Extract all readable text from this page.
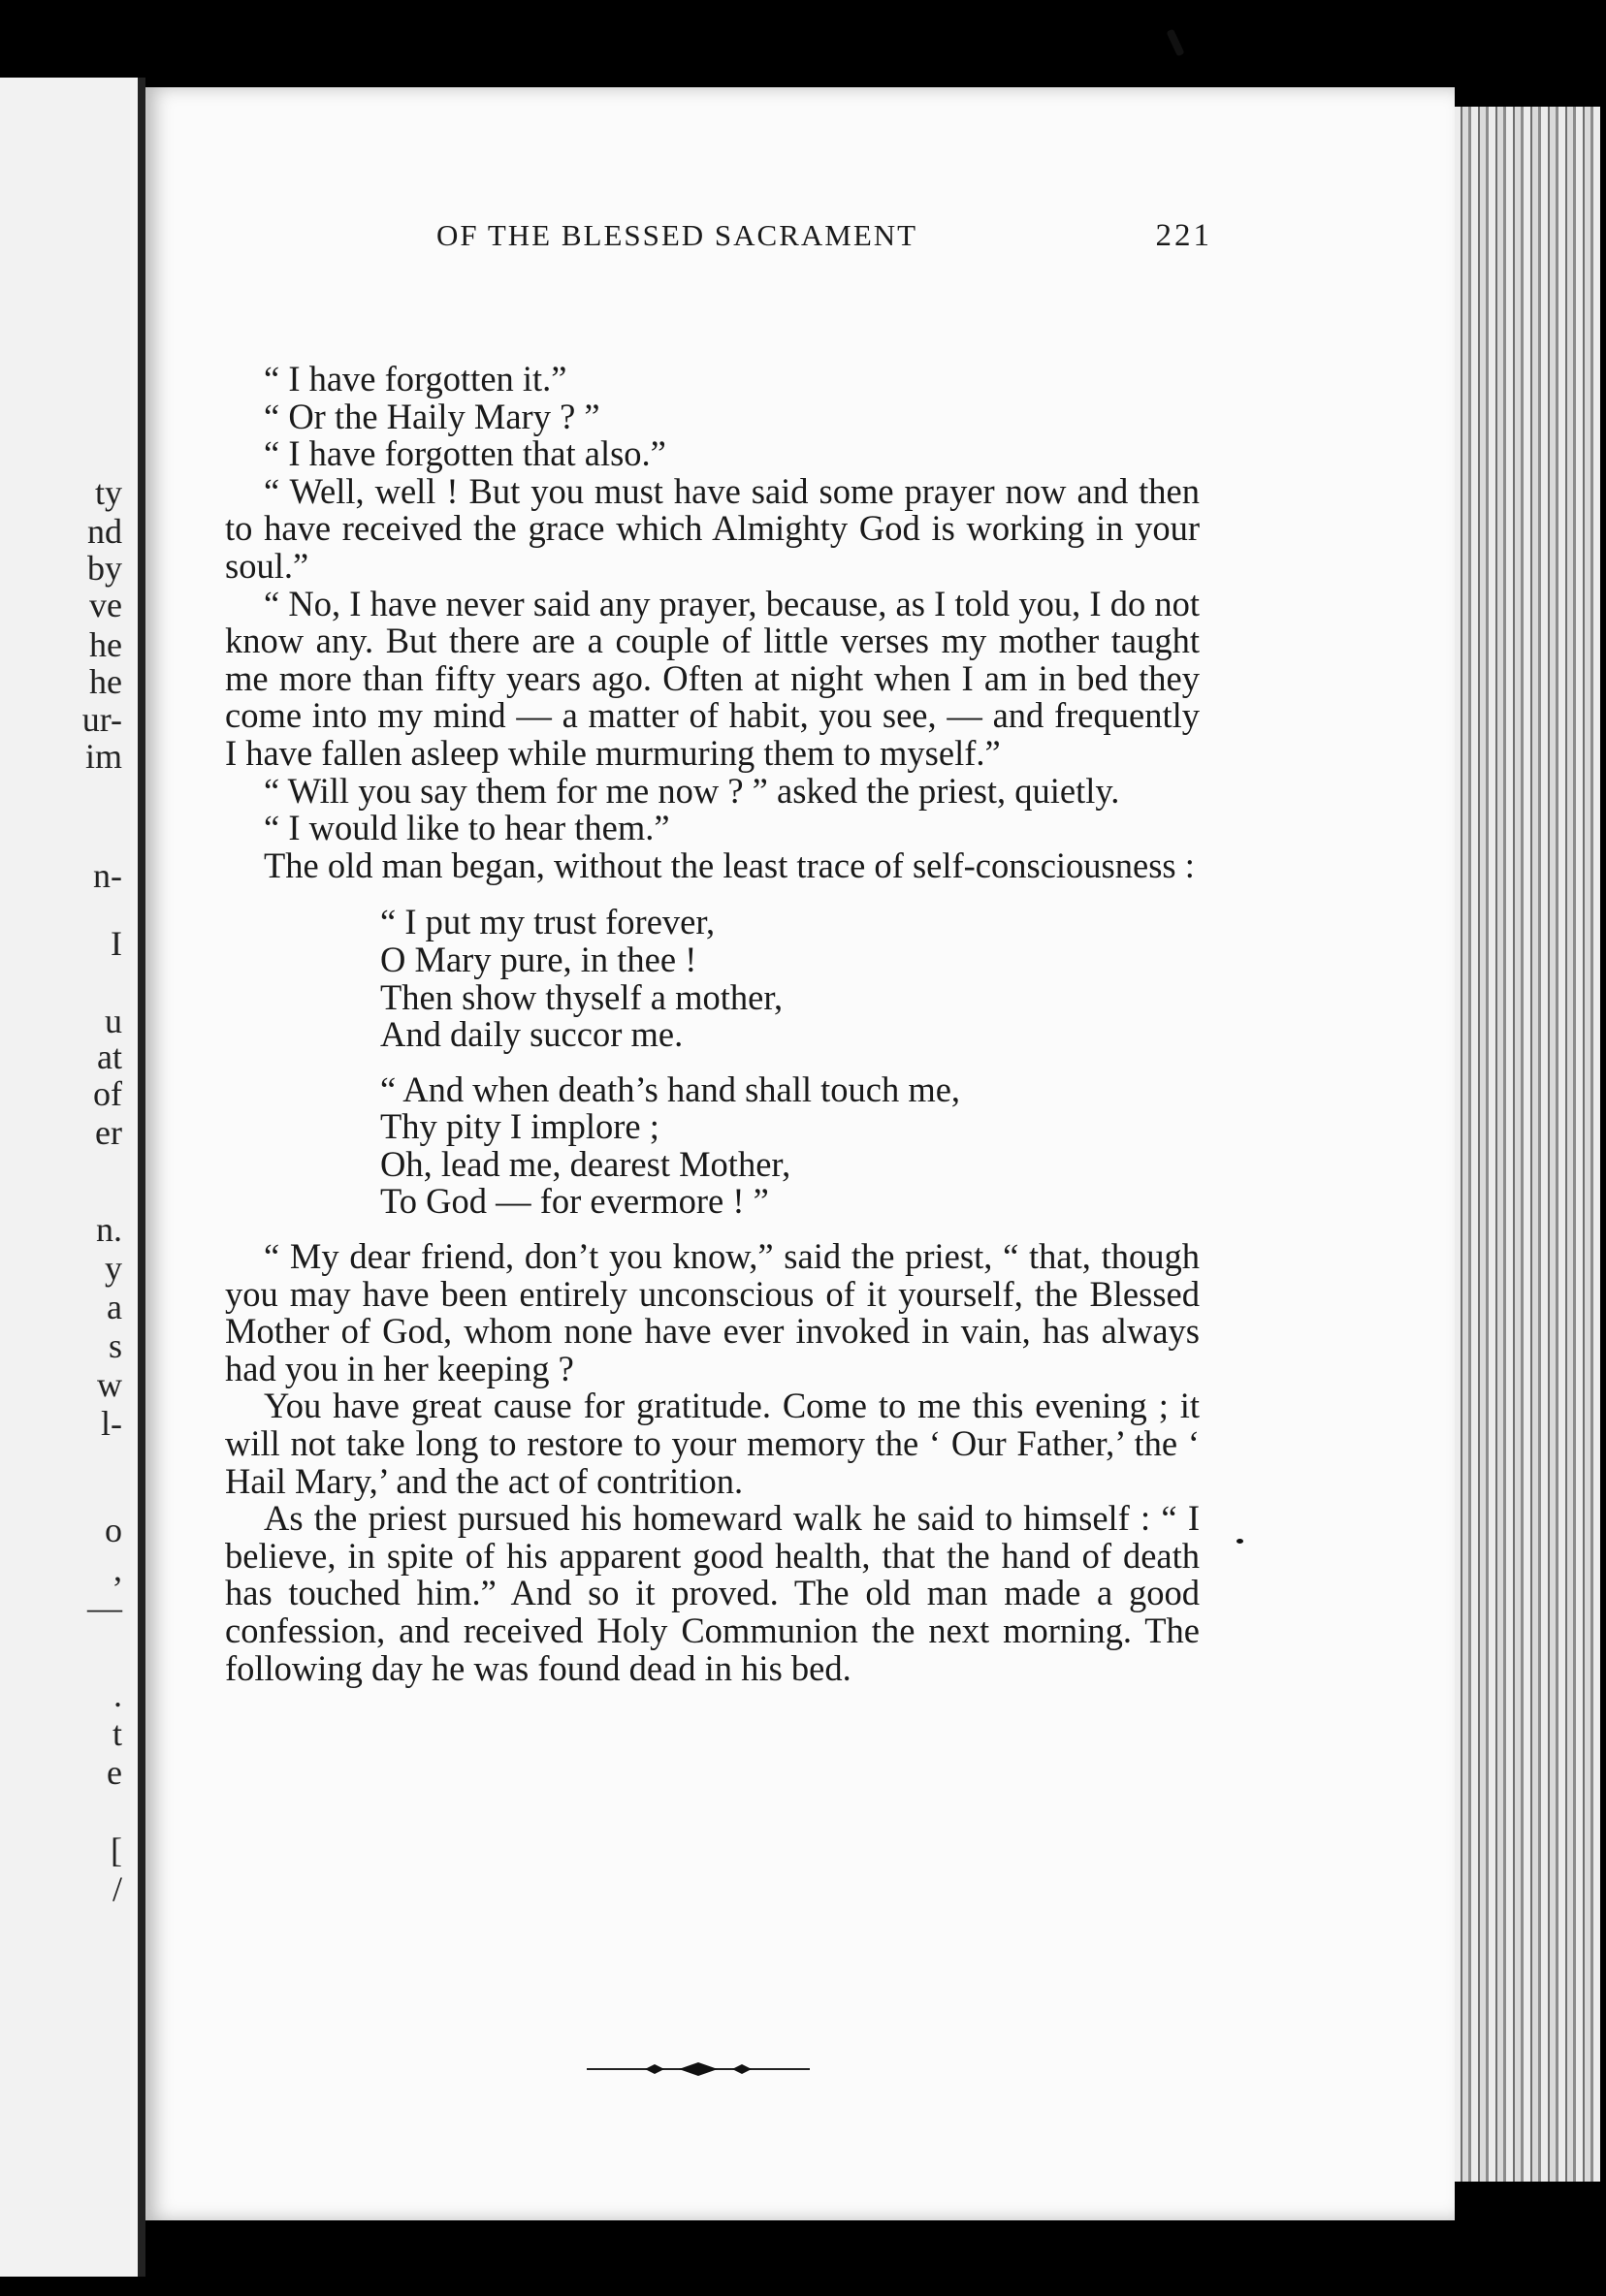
ty
nd
by
ve
he
he
ur-
im
n-
I
u
at
of
er
n.
y
a
s
w
l-
o
,
—
.
t
e
[
/
OF THE BLESSED SACRAMENT	221

“ I have forgotten it.”

“ Or the Haily Mary ? ”

“ I have forgotten that also.”

“ Well, well ! But you must have said some prayer now and then to have received the grace which Almighty God is working in your soul.”

“ No, I have never said any prayer, because, as I told you, I do not know any. But there are a couple of little verses my mother taught me more than fifty years ago. Often at night when I am in bed they come into my mind — a matter of habit, you see, — and frequently I have fallen asleep while murmuring them to myself.”

“ Will you say them for me now ? ” asked the priest, quietly.

“ I would like to hear them.”

The old man began, without the least trace of self-consciousness :

“ I put my trust forever,
O Mary pure, in thee !
Then show thyself a mother,
And daily succor me.
“ And when death’s hand shall touch me,
Thy pity I implore ;
Oh, lead me, dearest Mother,
To God — for evermore ! ”

“ My dear friend, don’t you know,” said the priest, “ that, though you may have been entirely unconscious of it yourself, the Blessed Mother of God, whom none have ever invoked in vain, has always had you in her keeping ?

You have great cause for gratitude. Come to me this evening ; it will not take long to restore to your memory the ‘ Our Father,’ the ‘ Hail Mary,’ and the act of contrition.

As the priest pursued his homeward walk he said to himself : “ I believe, in spite of his apparent good health, that the hand of death has touched him.” And so it proved. The old man made a good confession, and received Holy Communion the next morning. The following day he was found dead in his bed.
